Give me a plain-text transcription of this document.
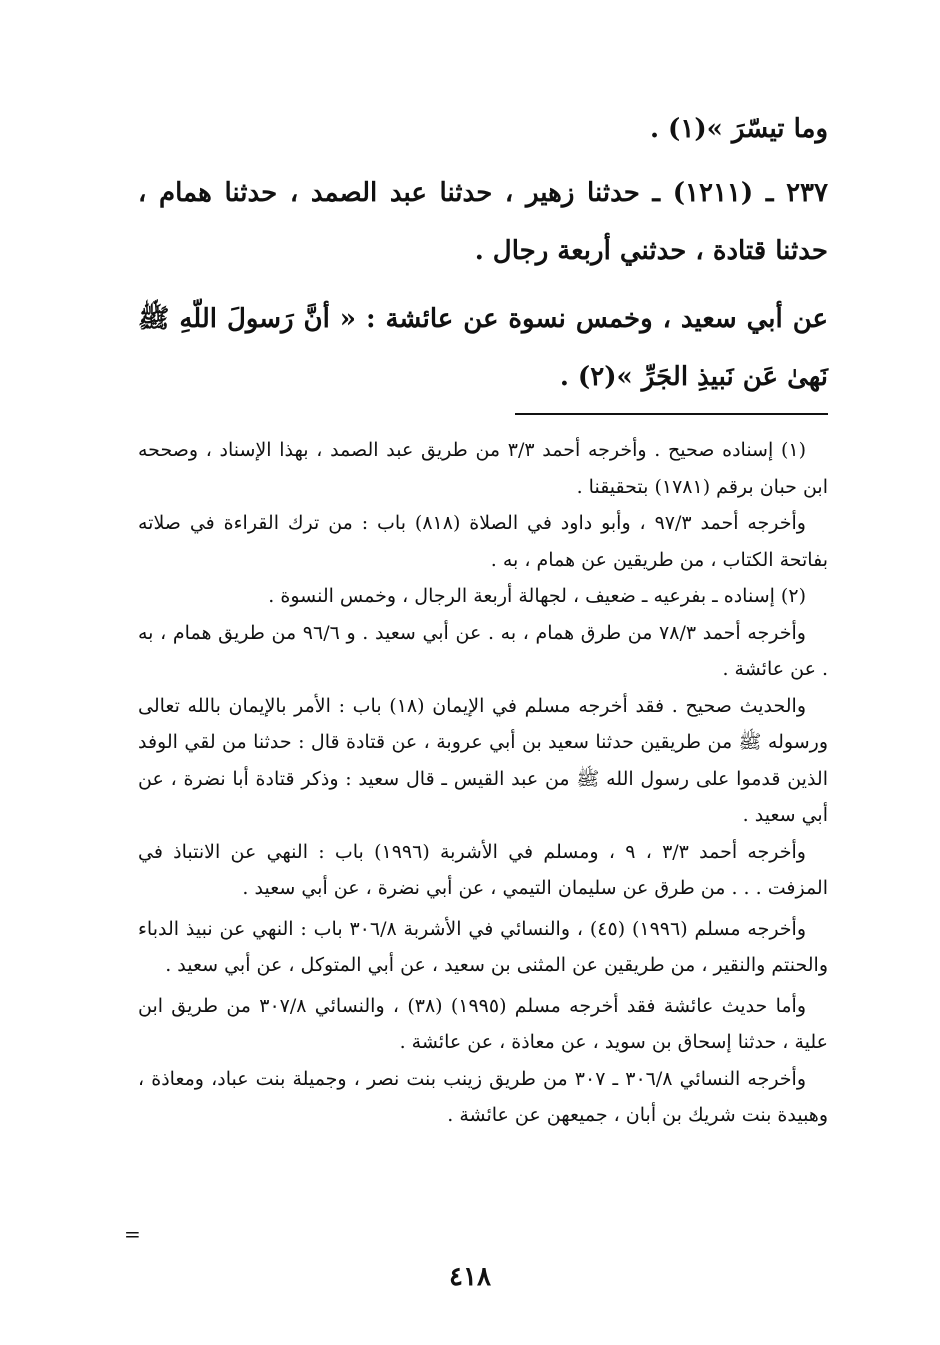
وما تيسّرَ »(١) .

٢٣٧ ـ (١٢١١) ـ حدثنا زهير ، حدثنا عبد الصمد ، حدثنا همام ، حدثنا قتادة ، حدثني أربعة رجال .

عن أبي سعيد ، وخمس نسوة عن عائشة : « أنَّ رَسولَ اللّهِ ﷺ نَهىٰ عَن نَبيذِ الجَرِّ »(٢) .

(١) إسناده صحيح . وأخرجه أحمد ٣/٣ من طريق عبد الصمد ، بهذا الإسناد ، وصححه ابن حبان برقم (١٧٨١) بتحقيقنا .

وأخرجه أحمد ٩٧/٣ ، وأبو داود في الصلاة (٨١٨) باب : من ترك القراءة في صلاته بفاتحة الكتاب ، من طريقين عن همام ، به .

(٢) إسناده ـ بفرعيه ـ ضعيف ، لجهالة أربعة الرجال ، وخمس النسوة .

وأخرجه أحمد ٧٨/٣ من طرق همام ، به . عن أبي سعيد . و ٩٦/٦ من طريق همام ، به . عن عائشة .

والحديث صحيح . فقد أخرجه مسلم في الإيمان (١٨) باب : الأمر بالإيمان بالله تعالى ورسوله ﷺ من طريقين حدثنا سعيد بن أبي عروبة ، عن قتادة قال : حدثنا من لقي الوفد الذين قدموا على رسول الله ﷺ من عبد القيس ـ قال سعيد : وذكر قتادة أبا نضرة ، عن أبي سعيد .

وأخرجه أحمد ٣/٣ ، ٩ ، ومسلم في الأشربة (١٩٩٦) باب : النهي عن الانتباذ في المزفت . . . من طرق عن سليمان التيمي ، عن أبي نضرة ، عن أبي سعيد .

وأخرجه مسلم (١٩٩٦) (٤٥) ، والنسائي في الأشربة ٣٠٦/٨ باب : النهي عن نبيذ الدباء والحنتم والنقير ، من طريقين عن المثنى بن سعيد ، عن أبي المتوكل ، عن أبي سعيد .

وأما حديث عائشة فقد أخرجه مسلم (١٩٩٥) (٣٨) ، والنسائي ٣٠٧/٨ من طريق ابن علية ، حدثنا إسحاق بن سويد ، عن معاذة ، عن عائشة .

وأخرجه النسائي ٣٠٦/٨ ـ ٣٠٧ من طريق زينب بنت نصر ، وجميلة بنت عباد، ومعاذة ، وهبيدة بنت شريك بن أبان ، جميعهن عن عائشة .

=
٤١٨
